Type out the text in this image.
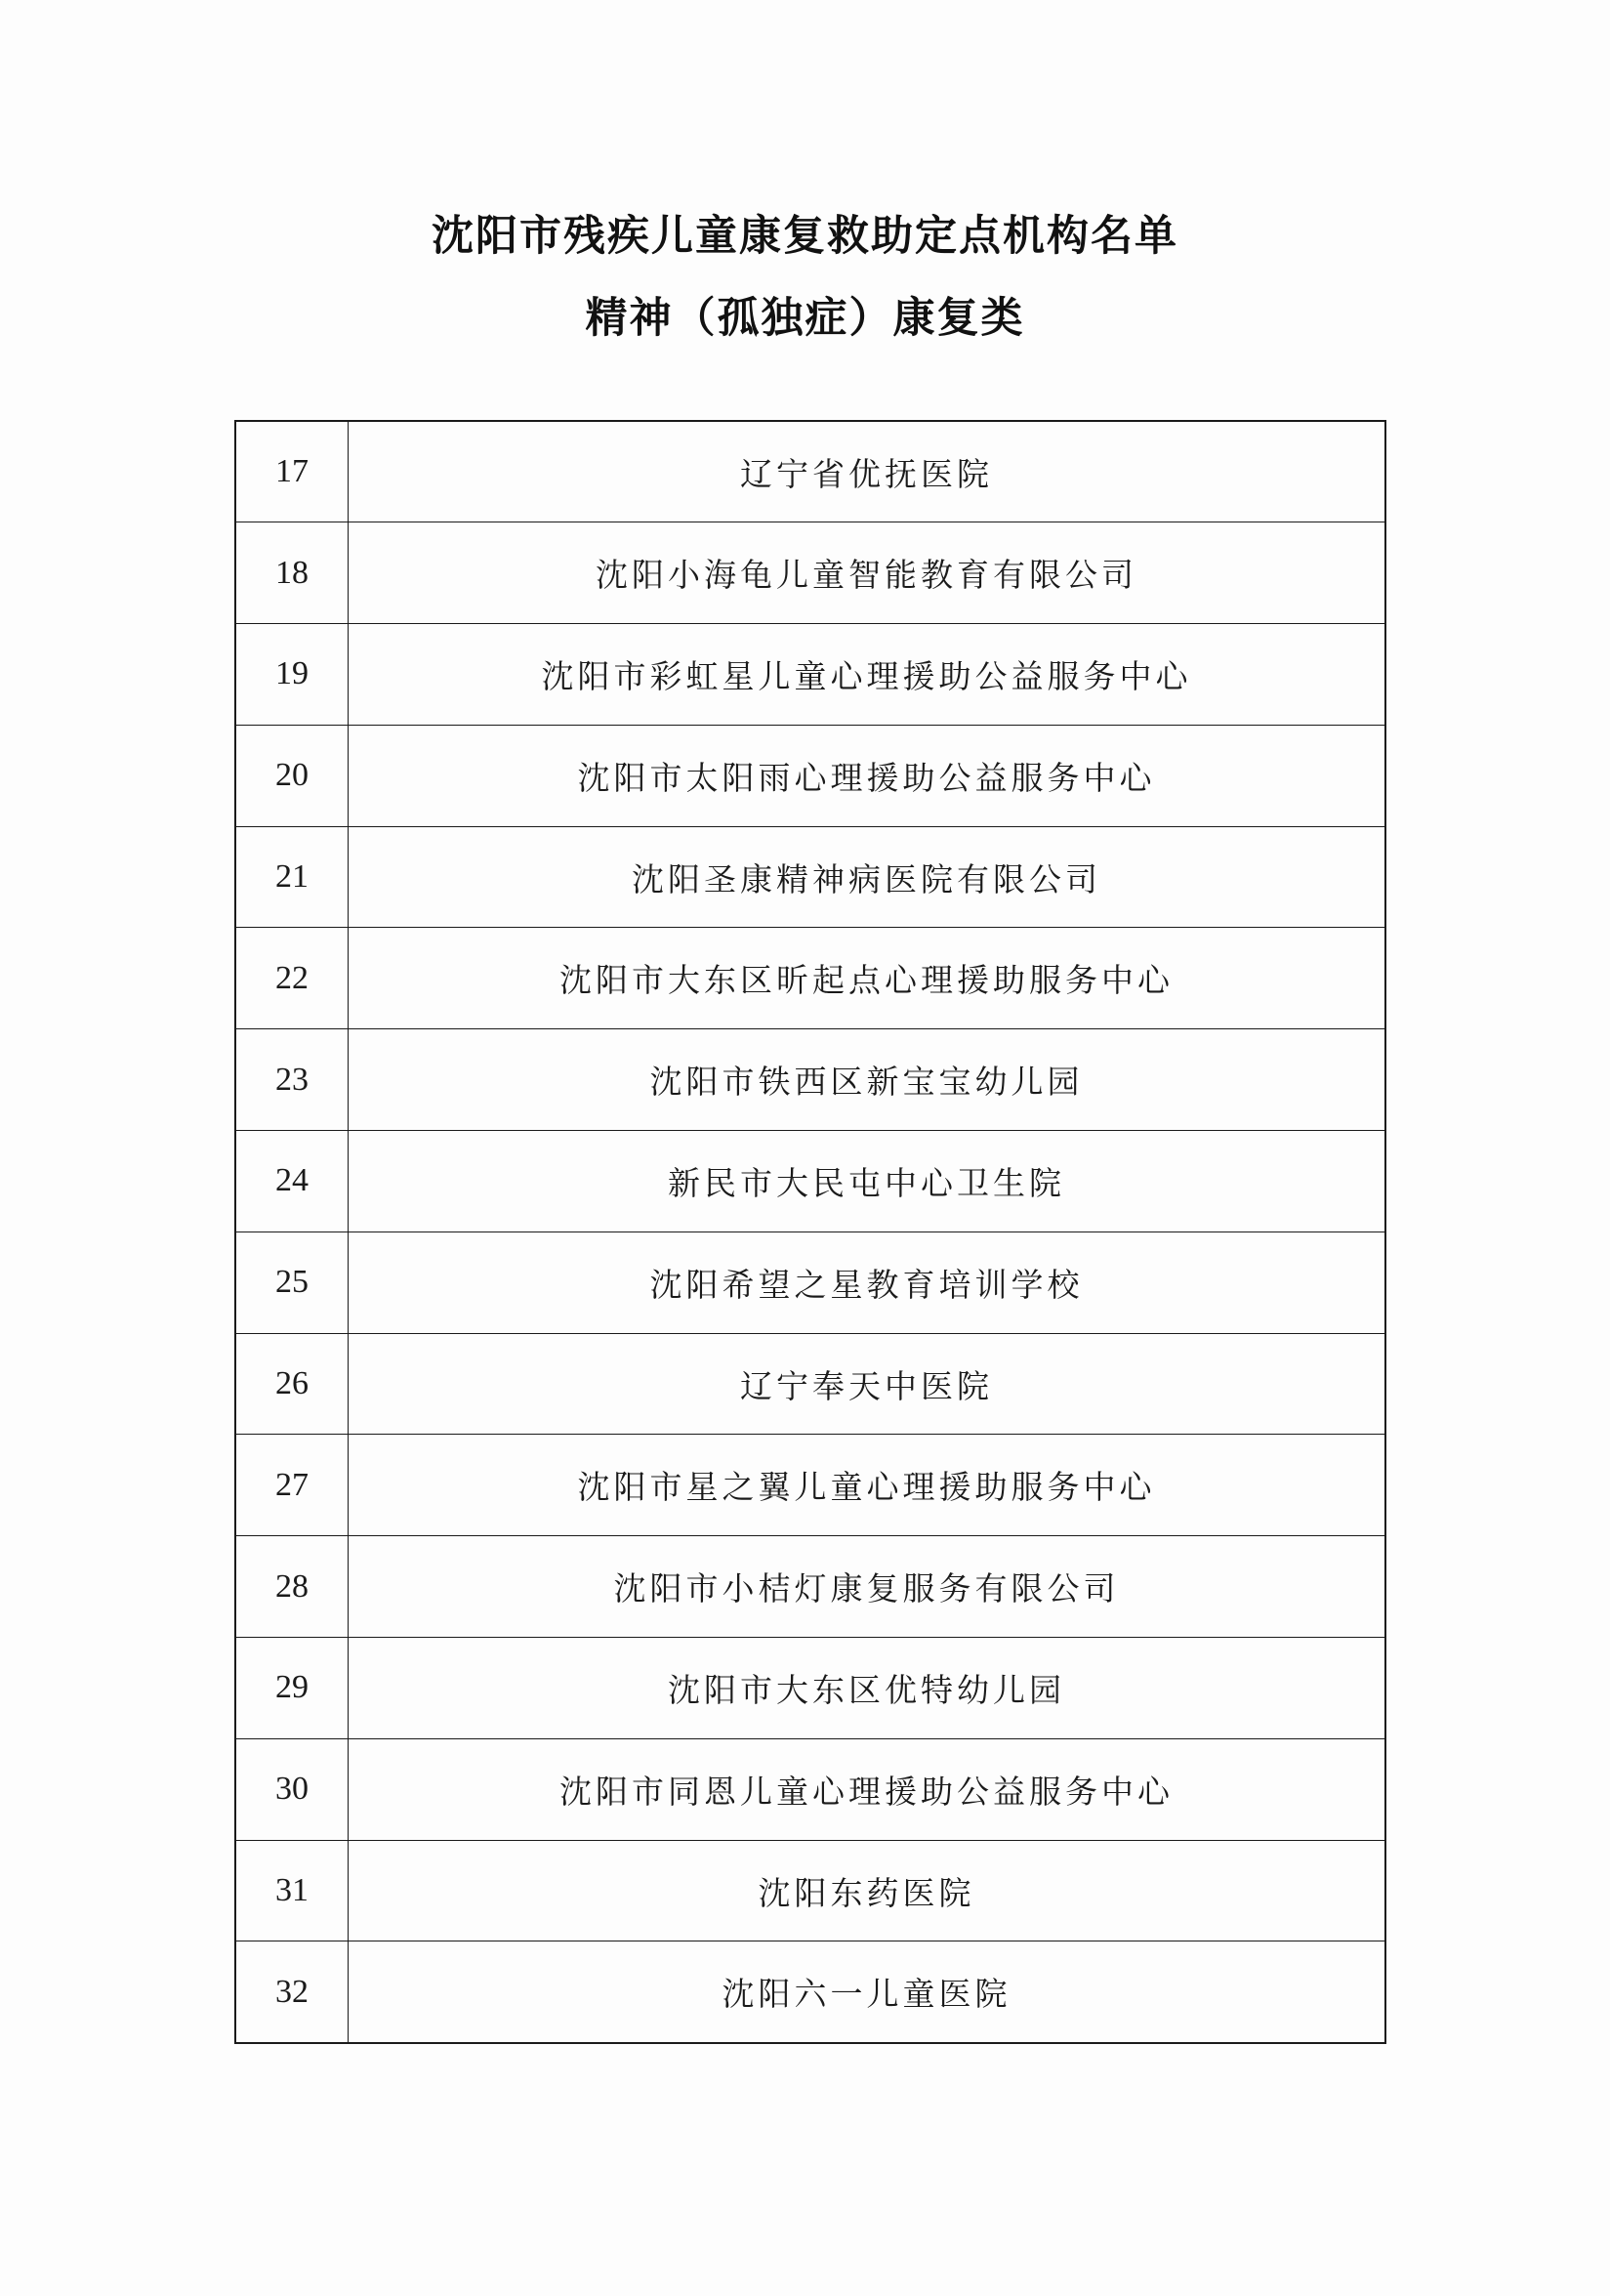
沈阳市残疾儿童康复救助定点机构名单
精神（孤独症）康复类
17	辽宁省优抚医院
18	沈阳小海龟儿童智能教育有限公司
19	沈阳市彩虹星儿童心理援助公益服务中心
20	沈阳市太阳雨心理援助公益服务中心
21	沈阳圣康精神病医院有限公司
22	沈阳市大东区昕起点心理援助服务中心
23	沈阳市铁西区新宝宝幼儿园
24	新民市大民屯中心卫生院
25	沈阳希望之星教育培训学校
26	辽宁奉天中医院
27	沈阳市星之翼儿童心理援助服务中心
28	沈阳市小桔灯康复服务有限公司
29	沈阳市大东区优特幼儿园
30	沈阳市同恩儿童心理援助公益服务中心
31	沈阳东药医院
32	沈阳六一儿童医院
